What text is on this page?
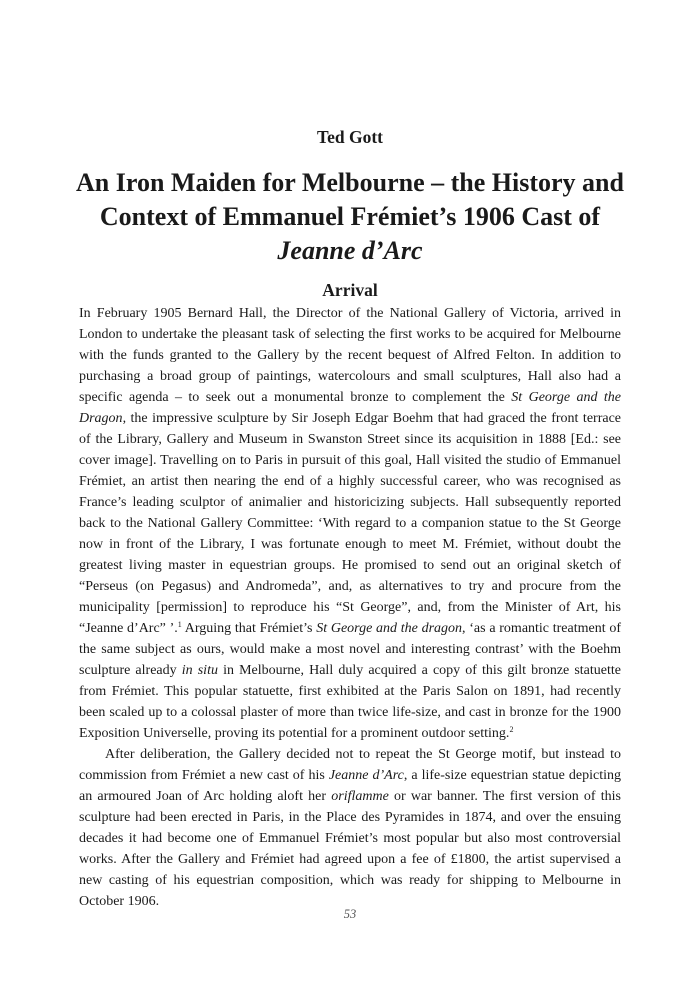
Ted Gott
An Iron Maiden for Melbourne – the History and
Context of Emmanuel Frémiet’s 1906 Cast of
Jeanne d’Arc
Arrival

In February 1905 Bernard Hall, the Director of the National Gallery of Victoria, arrived in London to undertake the pleasant task of selecting the first works to be acquired for Melbourne with the funds granted to the Gallery by the recent bequest of Alfred Felton. In addition to purchasing a broad group of paintings, watercolours and small sculptures, Hall also had a specific agenda – to seek out a monumental bronze to complement the St George and the Dragon, the impressive sculpture by Sir Joseph Edgar Boehm that had graced the front terrace of the Library, Gallery and Museum in Swanston Street since its acquisition in 1888 [Ed.: see cover image]. Travelling on to Paris in pursuit of this goal, Hall visited the studio of Emmanuel Frémiet, an artist then nearing the end of a highly successful career, who was recognised as France’s leading sculptor of animalier and historicizing subjects. Hall subsequently reported back to the National Gallery Committee: ‘With regard to a companion statue to the St George now in front of the Library, I was fortunate enough to meet M. Frémiet, without doubt the greatest living master in equestrian groups. He promised to send out an original sketch of “Perseus (on Pegasus) and Andromeda”, and, as alternatives to try and procure from the municipality [permission] to reproduce his “St George”, and, from the Minister of Art, his “Jeanne d’Arc” ’.$^1$ Arguing that Frémiet’s St George and the dragon, ‘as a romantic treatment of the same subject as ours, would make a most novel and interesting contrast’ with the Boehm sculpture already in situ in Melbourne, Hall duly acquired a copy of this gilt bronze statuette from Frémiet. This popular statuette, first exhibited at the Paris Salon on 1891, had recently been scaled up to a colossal plaster of more than twice life-size, and cast in bronze for the 1900 Exposition Universelle, proving its potential for a prominent outdoor setting.$^2$

After deliberation, the Gallery decided not to repeat the St George motif, but instead to commission from Frémiet a new cast of his Jeanne d’Arc, a life-size equestrian statue depicting an armoured Joan of Arc holding aloft her oriflamme or war banner. The first version of this sculpture had been erected in Paris, in the Place des Pyramides in 1874, and over the ensuing decades it had become one of Emmanuel Frémiet’s most popular but also most controversial works. After the Gallery and Frémiet had agreed upon a fee of £1800, the artist supervised a new casting of his equestrian composition, which was ready for shipping to Melbourne in October 1906.

53
